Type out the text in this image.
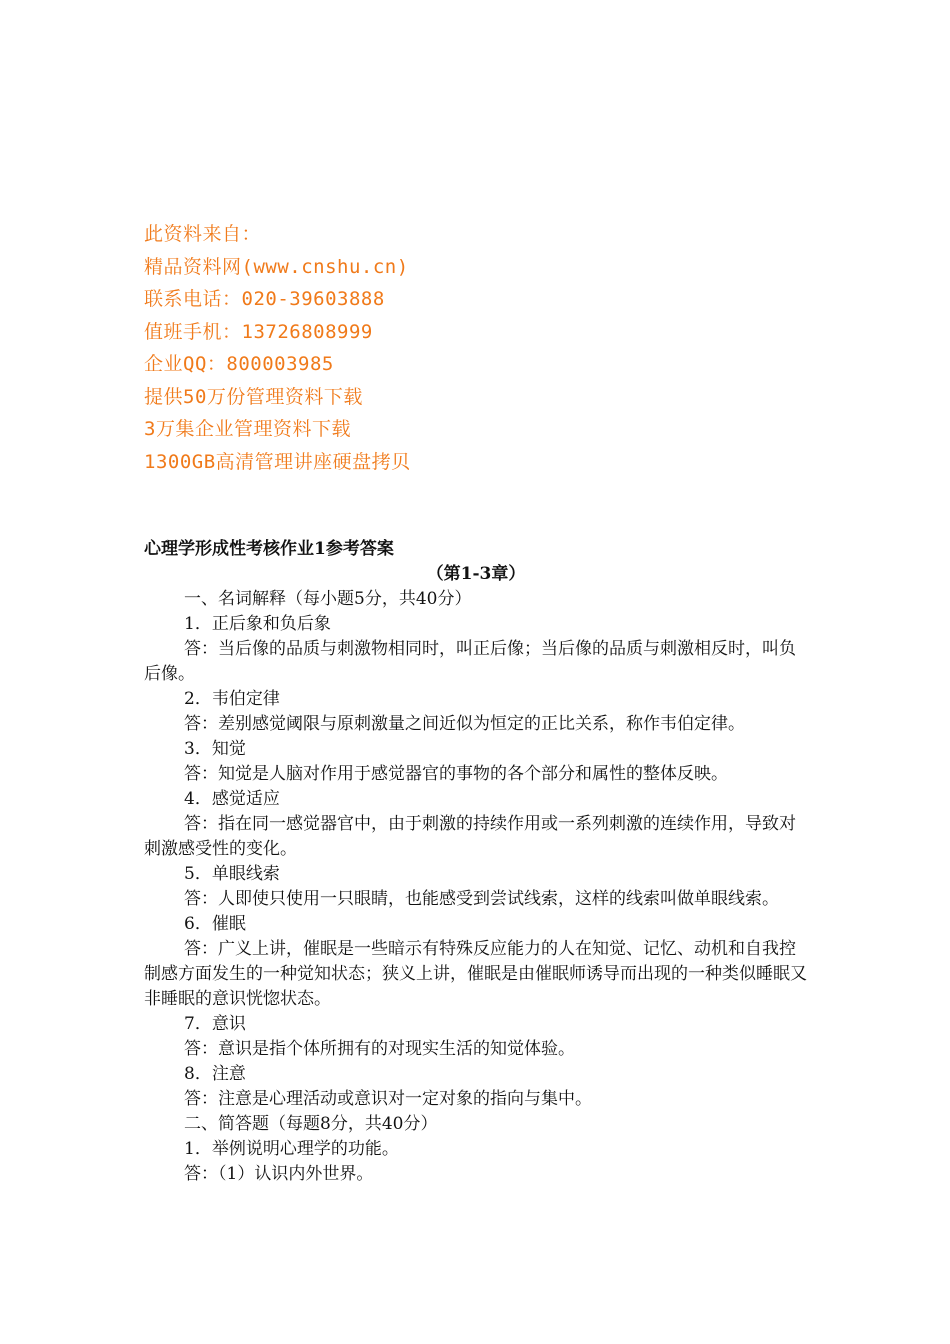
此资料来自：
精品资料网(www.cnshu.cn)
联系电话：020-39603888
值班手机：13726808999
企业QQ：800003985
提供50万份管理资料下载
3万集企业管理资料下载
1300GB高清管理讲座硬盘拷贝
心理学形成性考核作业1参考答案
（第1-3章）

一、名词解释（每小题5分，共40分）

1．正后象和负后象

答：当后像的品质与刺激物相同时，叫正后像；当后像的品质与刺激相反时，叫负后像。

2．韦伯定律

答：差别感觉阈限与原刺激量之间近似为恒定的正比关系，称作韦伯定律。

3．知觉

答：知觉是人脑对作用于感觉器官的事物的各个部分和属性的整体反映。

4．感觉适应

答：指在同一感觉器官中，由于刺激的持续作用或一系列刺激的连续作用，导致对刺激感受性的变化。

5．单眼线索

答：人即使只使用一只眼睛，也能感受到尝试线索，这样的线索叫做单眼线索。

6．催眠

答：广义上讲，催眠是一些暗示有特殊反应能力的人在知觉、记忆、动机和自我控制感方面发生的一种觉知状态；狭义上讲，催眠是由催眠师诱导而出现的一种类似睡眠又非睡眠的意识恍惚状态。

7．意识

答：意识是指个体所拥有的对现实生活的知觉体验。

8．注意

答：注意是心理活动或意识对一定对象的指向与集中。

二、简答题（每题8分，共40分）

1．举例说明心理学的功能。

答：（1）认识内外世界。
